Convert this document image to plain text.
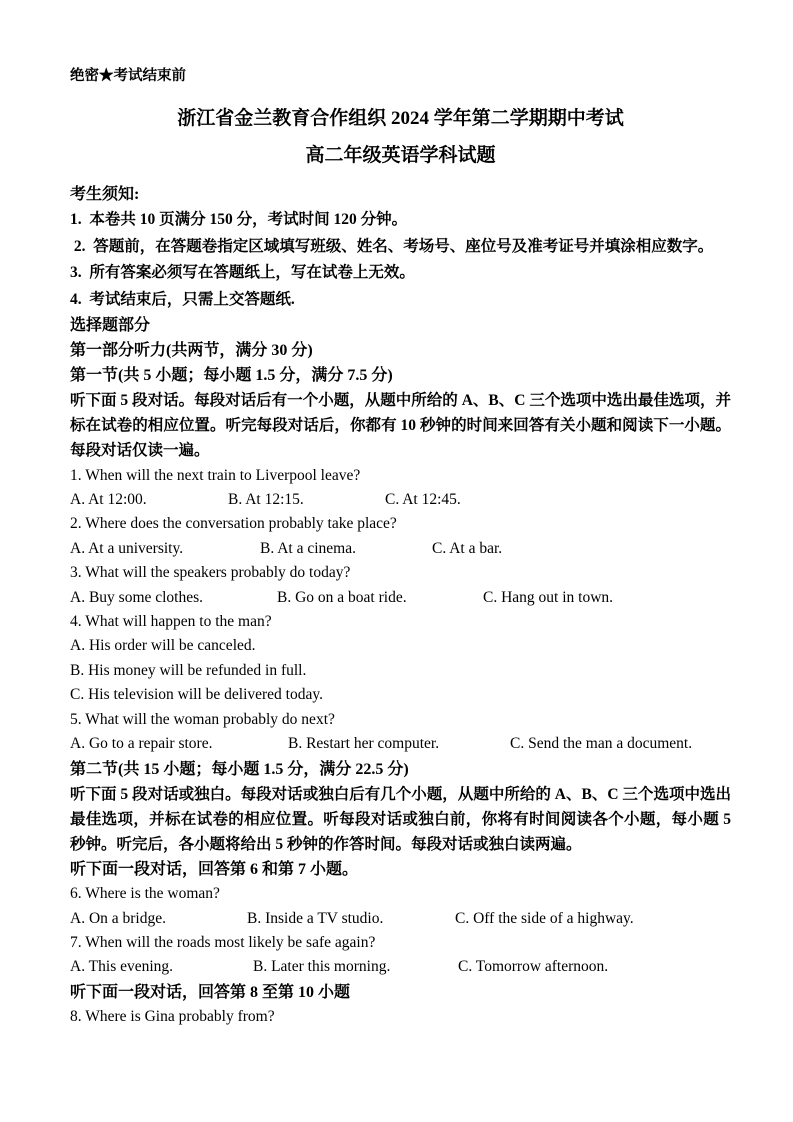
绝密★考试结束前
浙江省金兰教育合作组织 2024 学年第二学期期中考试
高二年级英语学科试题
考生须知:
1.  本卷共 10 页满分 150 分，考试时间 120 分钟。
2.  答题前，在答题卷指定区域填写班级、姓名、考场号、座位号及准考证号并填涂相应数字。
3.  所有答案必须写在答题纸上，写在试卷上无效。
4.  考试结束后，只需上交答题纸.
选择题部分
第一部分听力(共两节，满分 30 分)
第一节(共 5 小题；每小题 1.5 分，满分 7.5 分)
听下面 5 段对话。每段对话后有一个小题，从题中所给的 A、B、C 三个选项中选出最佳选项，并标在试卷的相应位置。听完每段对话后，你都有 10 秒钟的时间来回答有关小题和阅读下一小题。每段对话仅读一遍。
1. When will the next train to Liverpool leave?
A. At 12:00.	B. At 12:15.	C. At 12:45.
2. Where does the conversation probably take place?
A. At a university.	B. At a cinema.	C. At a bar.
3. What will the speakers probably do today?
A. Buy some clothes.	B. Go on a boat ride.	C. Hang out in town.
4. What will happen to the man?
A. His order will be canceled.
B. His money will be refunded in full.
C. His television will be delivered today.
5. What will the woman probably do next?
A. Go to a repair store.	B. Restart her computer.	C. Send the man a document.
第二节(共 15 小题；每小题 1.5 分，满分 22.5 分)
听下面 5 段对话或独白。每段对话或独白后有几个小题，从题中所给的 A、B、C 三个选项中选出最佳选项，并标在试卷的相应位置。听每段对话或独白前，你将有时间阅读各个小题，每小题 5 秒钟。听完后，各小题将给出 5 秒钟的作答时间。每段对话或独白读两遍。
听下面一段对话，回答第 6 和第 7 小题。
6. Where is the woman?
A. On a bridge.	B. Inside a TV studio.	C. Off the side of a highway.
7. When will the roads most likely be safe again?
A. This evening.	B. Later this morning.	C. Tomorrow afternoon.
听下面一段对话，回答第 8 至第 10 小题
8. Where is Gina probably from?
